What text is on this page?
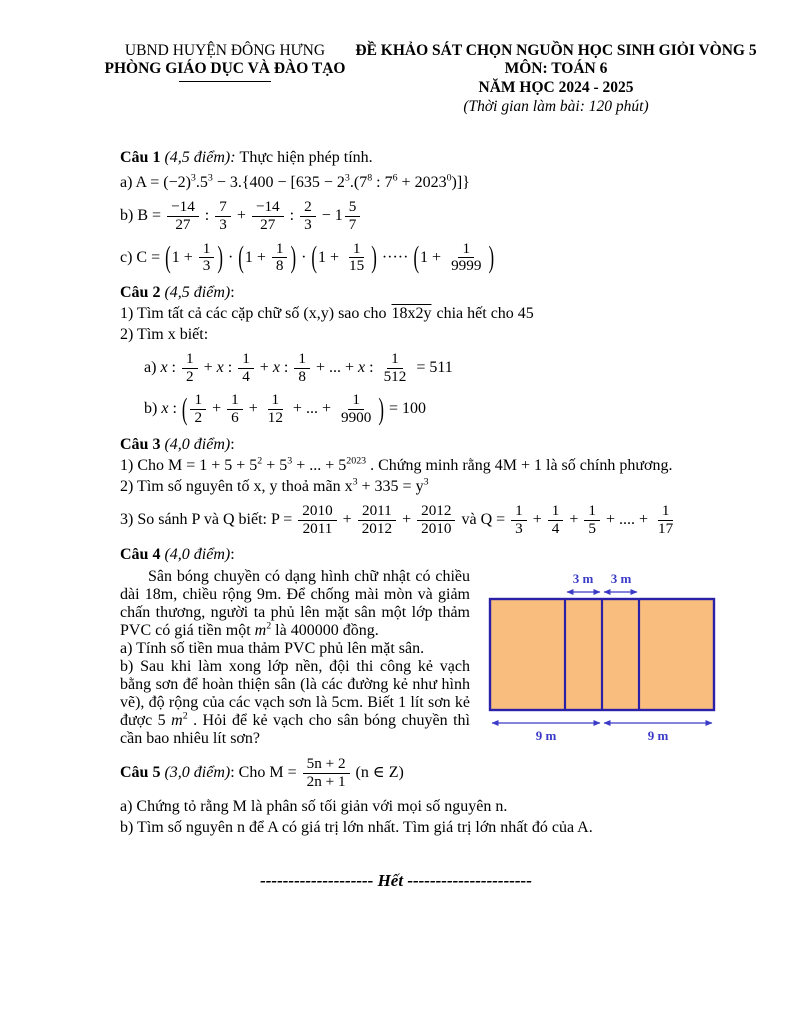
UBND HUYỆN ĐÔNG HƯNG
PHÒNG GIÁO DỤC VÀ ĐÀO TẠO
ĐỀ KHẢO SÁT CHỌN NGUỒN HỌC SINH GIỎI VÒNG 5
MÔN: TOÁN 6
NĂM HỌC 2024 - 2025
(Thời gian làm bài: 120 phút)
Câu 1 (4,5 điểm): Thực hiện phép tính.
a) $A = (-2)^3.5^3 - 3.\{400 - [635 - 2^3.(7^8$ : $7^6 + 2023^0$)]}
b) $B = \frac{-14}{27}$ : $\frac{7}{3} + \frac{-14}{27}$ : $\frac{2}{3} - 1 \frac{5}{7}$
c) $C = (1 + \frac{1}{3}$ ) · ($1 + \frac{1}{8}$ ) · ($1 + \frac{1}{15}$ ) ····· ($1 + \frac{1}{9999}$ )
Câu 2 (4,5 điểm):
1) Tìm tất cả các cặp chữ số (x,y) sao cho 18x2y chia hết cho 45
2) Tìm x biết:
a) x : $\frac{1}{2} + x$ : $\frac{1}{4} + x$ : $\frac{1}{8}$ + ... + x : $\frac{1}{512} = 511$
b) x : ( $\frac{1}{2} + \frac{1}{6} + \frac{1}{12}$ + ... + $\frac{1}{9900}$ ) = 100
Câu 3 (4,0 điểm):
1) Cho $M = 1 + 5 + 5^2 + 5^3$ + ... + $5^{2023}$ . Chứng minh rằng 4M + 1 là số chính phương.
2) Tìm số nguyên tố x, y thoả mãn $x^3 + 335 = y^3$
3) So sánh P và Q biết: $P = \frac{2010}{2011} + \frac{2011}{2012} + \frac{2012}{2010}$ và $Q = \frac{1}{3} + \frac{1}{4} + \frac{1}{5}$ + .... + $\frac{1}{17}$
Câu 4 (4,0 điểm):
Sân bóng chuyền có dạng hình chữ nhật có chiều dài 18m, chiều rộng 9m. Để chống mài mòn và giảm chấn thương, người ta phủ lên mặt sân một lớp thảm PVC có giá tiền một $m^2$ là 400000 đồng.
a) Tính số tiền mua thảm PVC phủ lên mặt sân.
b) Sau khi làm xong lớp nền, đội thi công kẻ vạch bằng sơn để hoàn thiện sân (là các đường kẻ như hình vẽ), độ rộng của các vạch sơn là 5cm. Biết 1 lít sơn kẻ được 5 $m^2$ . Hỏi để kẻ vạch cho sân bóng chuyền thì cần bao nhiêu lít sơn?
3 m 3 m
9 m	9 m
Câu 5 (3,0 điểm): Cho $M = \frac{5n + 2}{2n + 1} (n$ ∈ Z)
a) Chứng tỏ rằng M là phân số tối giản với mọi số nguyên n.
b) Tìm số nguyên n để A có giá trị lớn nhất. Tìm giá trị lớn nhất đó của A.
-------------------- Hết ----------------------
